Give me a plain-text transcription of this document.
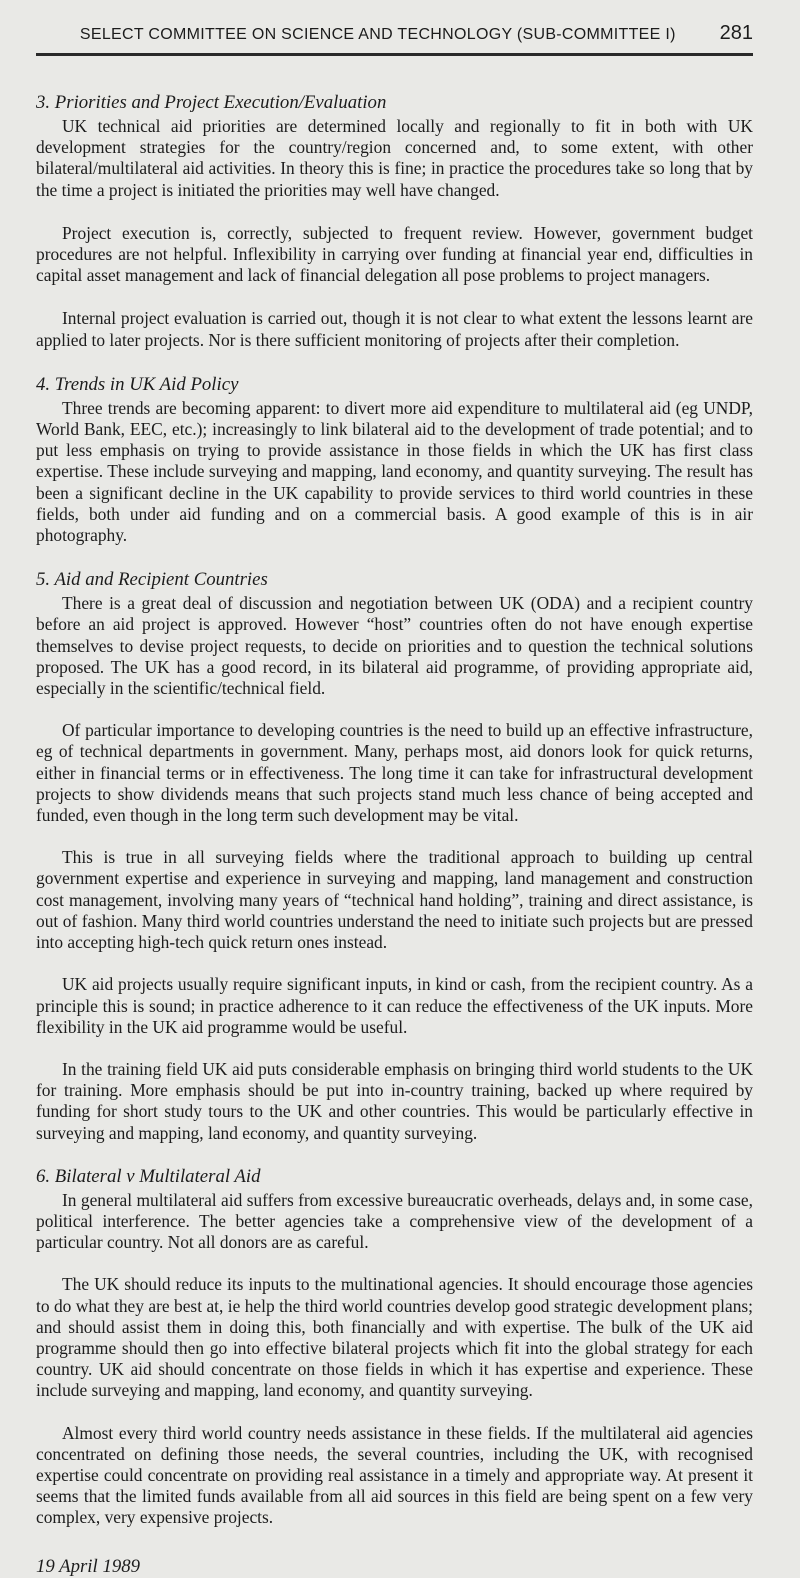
SELECT COMMITTEE ON SCIENCE AND TECHNOLOGY (SUB-COMMITTEE I)	281
3. Priorities and Project Execution/Evaluation

UK technical aid priorities are determined locally and regionally to fit in both with UK development strategies for the country/region concerned and, to some extent, with other bilateral/multilateral aid activities. In theory this is fine; in practice the procedures take so long that by the time a project is initiated the priorities may well have changed.

Project execution is, correctly, subjected to frequent review. However, government budget procedures are not helpful. Inflexibility in carrying over funding at financial year end, difficulties in capital asset management and lack of financial delegation all pose problems to project managers.

Internal project evaluation is carried out, though it is not clear to what extent the lessons learnt are applied to later projects. Nor is there sufficient monitoring of projects after their completion.

4. Trends in UK Aid Policy

Three trends are becoming apparent: to divert more aid expenditure to multilateral aid (eg UNDP, World Bank, EEC, etc.); increasingly to link bilateral aid to the development of trade potential; and to put less emphasis on trying to provide assistance in those fields in which the UK has first class expertise. These include surveying and mapping, land economy, and quantity surveying. The result has been a significant decline in the UK capability to provide services to third world countries in these fields, both under aid funding and on a commercial basis. A good example of this is in air photography.

5. Aid and Recipient Countries

There is a great deal of discussion and negotiation between UK (ODA) and a recipient country before an aid project is approved. However “host” countries often do not have enough expertise themselves to devise project requests, to decide on priorities and to question the technical solutions proposed. The UK has a good record, in its bilateral aid programme, of providing appropriate aid, especially in the scientific/technical field.

Of particular importance to developing countries is the need to build up an effective infrastructure, eg of technical departments in government. Many, perhaps most, aid donors look for quick returns, either in financial terms or in effectiveness. The long time it can take for infrastructural development projects to show dividends means that such projects stand much less chance of being accepted and funded, even though in the long term such development may be vital.

This is true in all surveying fields where the traditional approach to building up central government expertise and experience in surveying and mapping, land management and construction cost management, involving many years of “technical hand holding”, training and direct assistance, is out of fashion. Many third world countries understand the need to initiate such projects but are pressed into accepting high-tech quick return ones instead.

UK aid projects usually require significant inputs, in kind or cash, from the recipient country. As a principle this is sound; in practice adherence to it can reduce the effectiveness of the UK inputs. More flexibility in the UK aid programme would be useful.

In the training field UK aid puts considerable emphasis on bringing third world students to the UK for training. More emphasis should be put into in-country training, backed up where required by funding for short study tours to the UK and other countries. This would be particularly effective in surveying and mapping, land economy, and quantity surveying.

6. Bilateral v Multilateral Aid

In general multilateral aid suffers from excessive bureaucratic overheads, delays and, in some case, political interference. The better agencies take a comprehensive view of the development of a particular country. Not all donors are as careful.

The UK should reduce its inputs to the multinational agencies. It should encourage those agencies to do what they are best at, ie help the third world countries develop good strategic development plans; and should assist them in doing this, both financially and with expertise. The bulk of the UK aid programme should then go into effective bilateral projects which fit into the global strategy for each country. UK aid should concentrate on those fields in which it has expertise and experience. These include surveying and mapping, land economy, and quantity surveying.

Almost every third world country needs assistance in these fields. If the multilateral aid agencies concentrated on defining those needs, the several countries, including the UK, with recognised expertise could concentrate on providing real assistance in a timely and appropriate way. At present it seems that the limited funds available from all aid sources in this field are being spent on a few very complex, very expensive projects.

19 April 1989
